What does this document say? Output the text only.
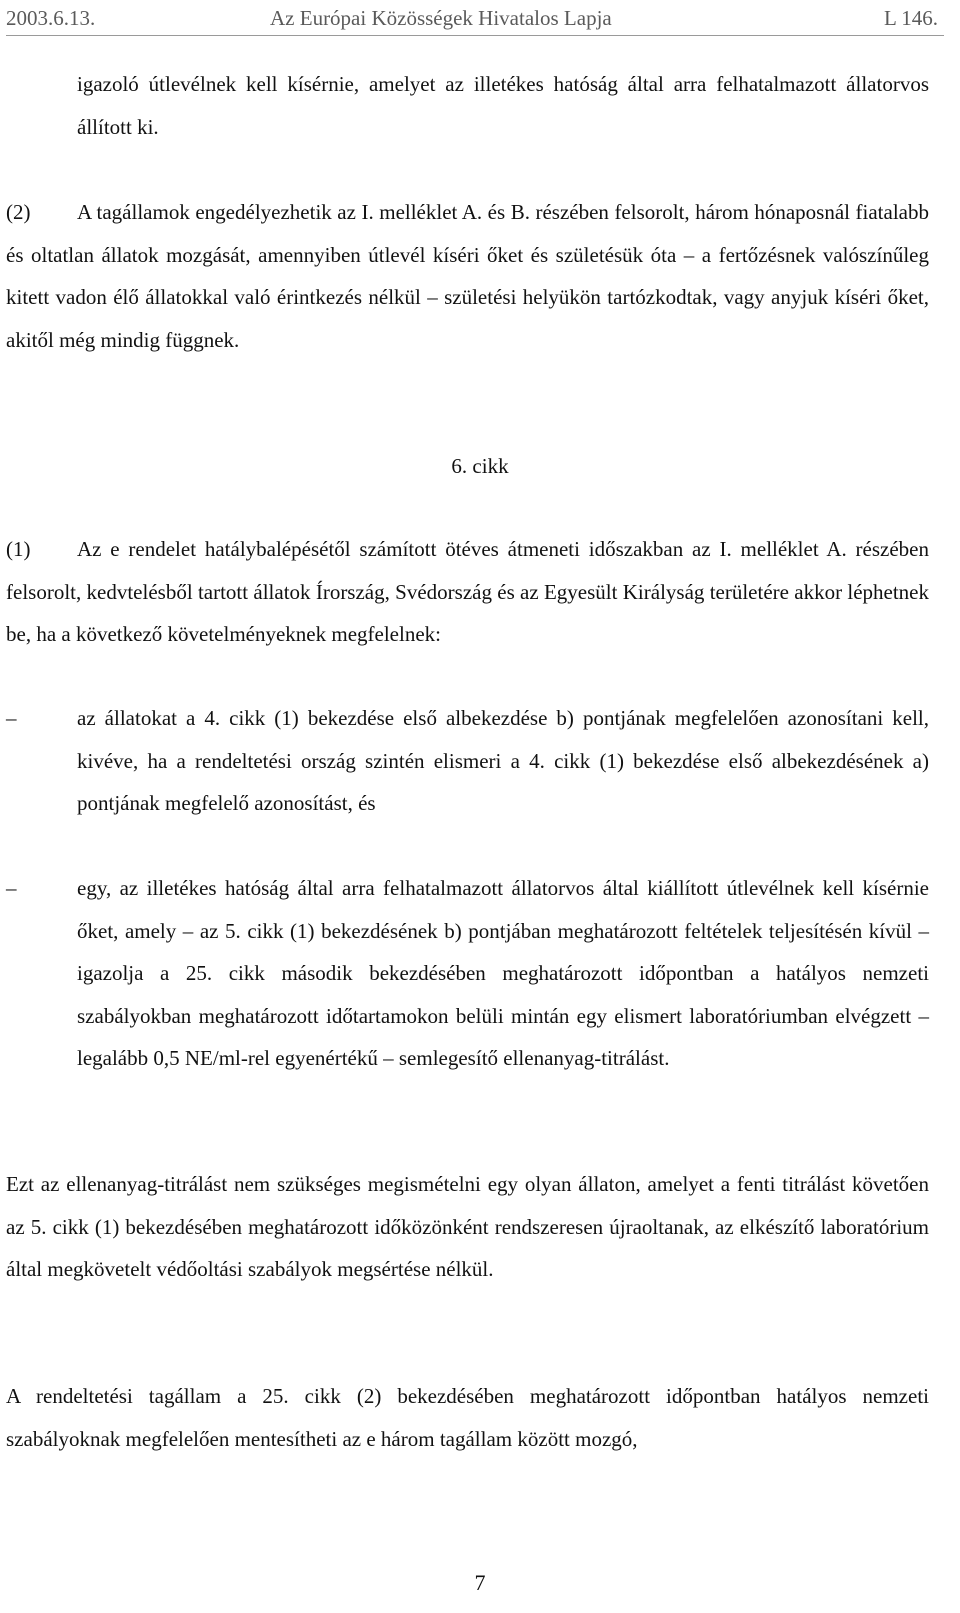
2003.6.13.	Az Európai Közösségek Hivatalos Lapja	L 146.

igazoló útlevélnek kell kísérnie, amelyet az illetékes hatóság által arra felhatalmazott állatorvos állított ki.

(2)	A tagállamok engedélyezhetik az I. melléklet A. és B. részében felsorolt, három hónaposnál fiatalabb és oltatlan állatok mozgását, amennyiben útlevél kíséri őket és születésük óta – a fertőzésnek valószínűleg kitett vadon élő állatokkal való érintkezés nélkül – születési helyükön tartózkodtak, vagy anyjuk kíséri őket, akitől még mindig függnek.

6. cikk
(1)	Az e rendelet hatálybalépésétől számított ötéves átmeneti időszakban az I. melléklet A. részében felsorolt, kedvtelésből tartott állatok Írország, Svédország és az Egyesült Királyság területére akkor léphetnek be, ha a következő követelményeknek megfelelnek:

–	az állatokat a 4. cikk (1) bekezdése első albekezdése b) pontjának megfelelően azonosítani kell, kivéve, ha a rendeltetési ország szintén elismeri a 4. cikk (1) bekezdése első albekezdésének a) pontjának megfelelő azonosítást, és

–	egy, az illetékes hatóság által arra felhatalmazott állatorvos által kiállított útlevélnek kell kísérnie őket, amely – az 5. cikk (1) bekezdésének b) pontjában meghatározott feltételek teljesítésén kívül – igazolja a 25. cikk második bekezdésében meghatározott időpontban a hatályos nemzeti szabályokban meghatározott időtartamokon belüli mintán egy elismert laboratóriumban elvégzett – legalább 0,5 NE/ml-rel egyenértékű – semlegesítő ellenanyag-titrálást.

Ezt az ellenanyag-titrálást nem szükséges megismételni egy olyan állaton, amelyet a fenti titrálást követően az 5. cikk (1) bekezdésében meghatározott időközönként rendszeresen újraoltanak, az elkészítő laboratórium által megkövetelt védőoltási szabályok megsértése nélkül.

A rendeltetési tagállam a 25. cikk (2) bekezdésében meghatározott időpontban hatályos nemzeti szabályoknak megfelelően mentesítheti az e három tagállam között mozgó,

7
